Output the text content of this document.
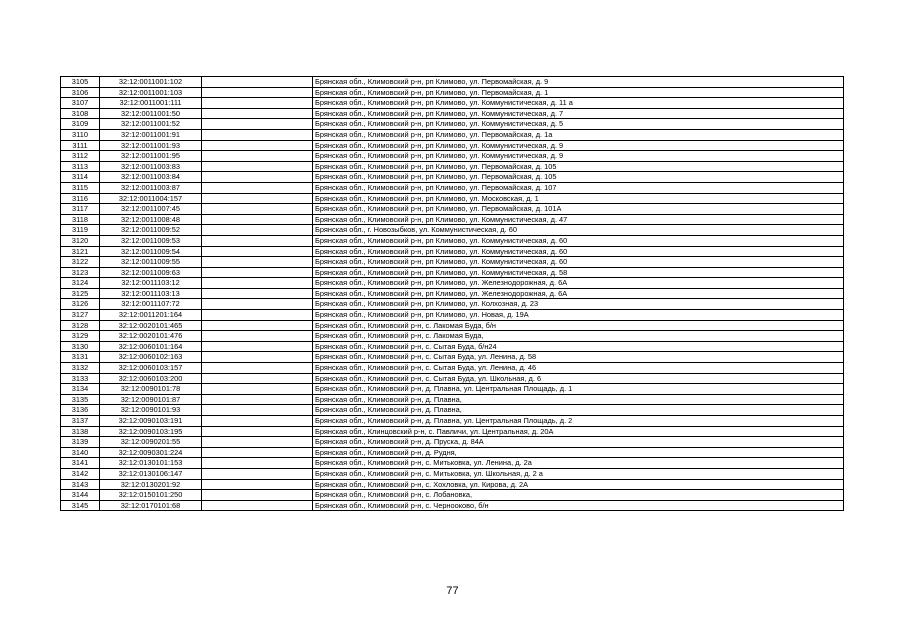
3105	32:12:0011001:102		Брянская обл., Климовский р-н, рп Климово, ул. Первомайская, д. 9
3106	32:12:0011001:103		Брянская обл., Климовский р-н, рп Климово, ул. Первомайская, д. 1
3107	32:12:0011001:111		Брянская обл., Климовский р-н, рп Климово, ул. Коммунистическая, д. 11 а
3108	32:12:0011001:50		Брянская обл., Климовский р-н, рп Климово, ул. Коммунистическая, д. 7
3109	32:12:0011001:52		Брянская обл., Климовский р-н, рп Климово, ул. Коммунистическая, д. 5
3110	32:12:0011001:91		Брянская обл., Климовский р-н, рп Климово, ул. Первомайская, д. 1а
3111	32:12:0011001:93		Брянская обл., Климовский р-н, рп Климово, ул. Коммунистическая, д. 9
3112	32:12:0011001:95		Брянская обл., Климовский р-н, рп Климово, ул. Коммунистическая, д. 9
3113	32:12:0011003:83		Брянская обл., Климовский р-н, рп Климово, ул. Первомайская, д. 105
3114	32:12:0011003:84		Брянская обл., Климовский р-н, рп Климово, ул. Первомайская, д. 105
3115	32:12:0011003:87		Брянская обл., Климовский р-н, рп Климово, ул. Первомайская, д. 107
3116	32:12:0011004:157		Брянская обл., Климовский р-н, рп Климово, ул. Московская, д. 1
3117	32:12:0011007:45		Брянская обл., Климовский р-н, рп Климово, ул. Первомайская, д. 101А
3118	32:12:0011008:48		Брянская обл., Климовский р-н, рп Климово, ул. Коммунистическая, д. 47
3119	32:12:0011009:52		Брянская обл., г. Новозыбков, ул. Коммунистическая, д. 60
3120	32:12:0011009:53		Брянская обл., Климовский р-н, рп Климово, ул. Коммунистическая, д. 60
3121	32:12:0011009:54		Брянская обл., Климовский р-н, рп Климово, ул. Коммунистическая, д. 60
3122	32:12:0011009:55		Брянская обл., Климовский р-н, рп Климово, ул. Коммунистическая, д. 60
3123	32:12:0011009:63		Брянская обл., Климовский р-н, рп Климово, ул. Коммунистическая, д. 58
3124	32:12:0011103:12		Брянская обл., Климовский р-н, рп Климово, ул. Железнодорожная, д. 6А
3125	32:12:0011103:13		Брянская обл., Климовский р-н, рп Климово, ул. Железнодорожная, д. 6А
3126	32:12:0011107:72		Брянская обл., Климовский р-н, рп Климово, ул. Колхозная, д. 23
3127	32:12:0011201:164		Брянская обл., Климовский р-н, рп Климово, ул. Новая, д. 19А
3128	32:12:0020101:465		Брянская обл., Климовский р-н, с. Лакомая Буда, б/н
3129	32:12:0020101:476		Брянская обл., Климовский р-н, с. Лакомая Буда,
3130	32:12:0060101:164		Брянская обл., Климовский р-н, с. Сытая Буда, б/н24
3131	32:12:0060102:163		Брянская обл., Климовский р-н, с. Сытая Буда, ул. Ленина, д. 58
3132	32:12:0060103:157		Брянская обл., Климовский р-н, с. Сытая Буда, ул. Ленина, д. 46
3133	32:12:0060103:200		Брянская обл., Климовский р-н, с. Сытая Буда, ул. Школьная, д. 6
3134	32:12:0090101:78		Брянская обл., Климовский р-н, д. Плавна, ул. Центральная Площадь, д. 1
3135	32:12:0090101:87		Брянская обл., Климовский р-н, д. Плавна,
3136	32:12:0090101:93		Брянская обл., Климовский р-н, д. Плавна,
3137	32:12:0090103:191		Брянская обл., Климовский р-н, д. Плавна, ул. Центральная Площадь, д. 2
3138	32:12:0090103:195		Брянская обл., Клинцовский р-н, с. Павличи, ул. Центральная, д. 20А
3139	32:12:0090201:55		Брянская обл., Климовский р-н, д. Пруска, д. 84А
3140	32:12:0090301:224		Брянская обл., Климовский р-н, д. Рудня,
3141	32:12:0130101:153		Брянская обл., Климовский р-н, с. Митьковка, ул. Ленина, д. 2а
3142	32:12:0130106:147		Брянская обл., Климовский р-н, с. Митьковка, ул. Школьная, д. 2 а
3143	32:12:0130201:92		Брянская обл., Климовский р-н, с. Хохловка, ул. Кирова, д. 2А
3144	32:12:0150101:250		Брянская обл., Климовский р-н, с. Лобановка,
3145	32:12:0170101:68		Брянская обл., Климовский р-н, с. Чернооково, б/н
77
